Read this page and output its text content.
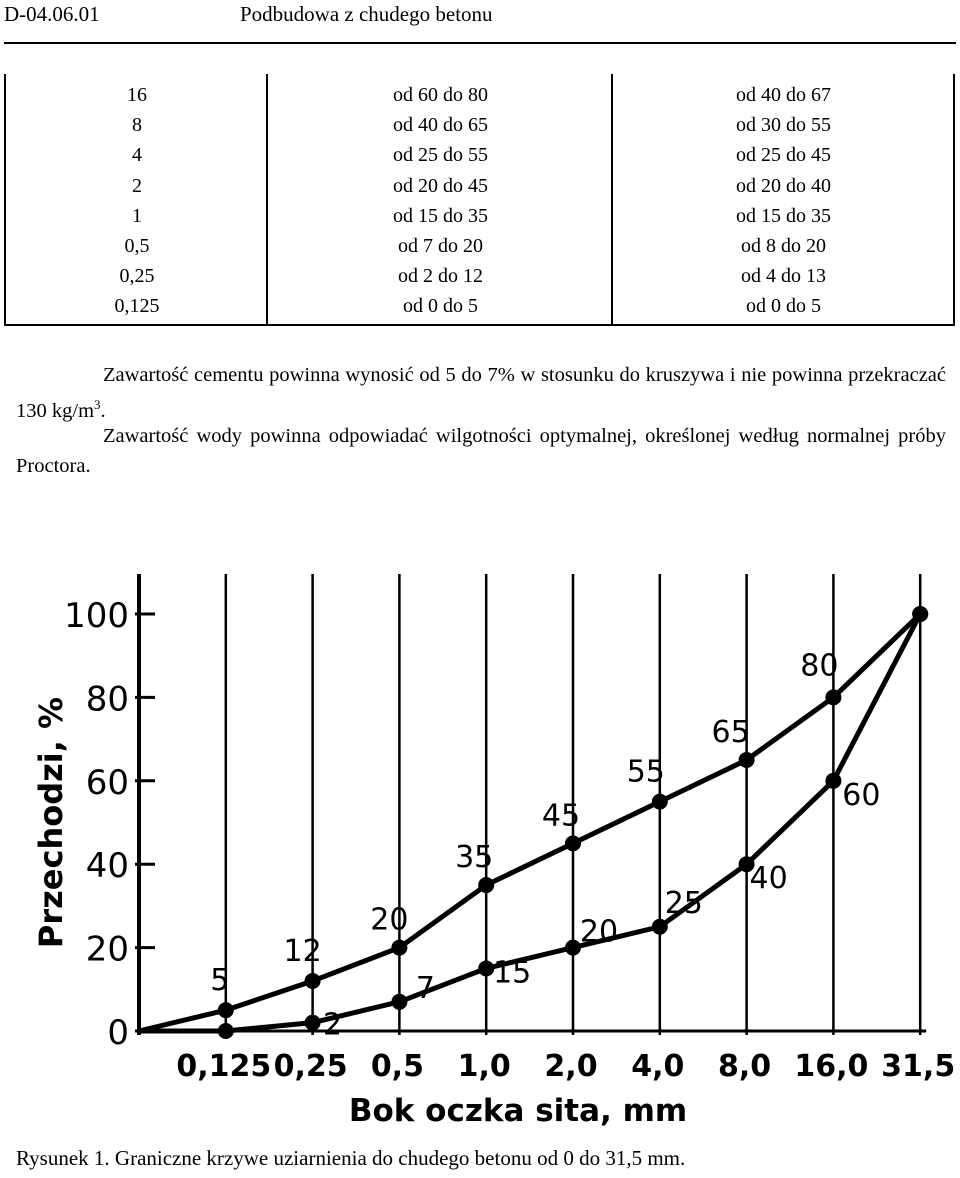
D-04.06.01	Podbudowa z chudego betonu
16
8
4
2
1
0,5
0,25
0,125
od 60 do 80
od 40 do 65
od 25 do 55
od 20 do 45
od 15 do 35
od 7 do 20
od 2 do 12
od 0 do 5
od 40 do 67
od 30 do 55
od 25 do 45
od 20 do 40
od 15 do 35
od 8 do 20
od 4 do 13
od 0 do 5
Zawartość cementu powinna wynosić od 5 do 7% w stosunku do kruszywa i nie powinna przekraczać 130 $kg/m^3$.
Zawartość wody powinna odpowiadać wilgotności optymalnej, określonej według normalnej próby Proctora.
0
20
40
60
80
100
0,125 0,25 0,5 1,0 2,0 4,0 8,0 16,0 31,5
Bok oczka sita, mm
Przechodzi, %
5
12
20
35
45
55
65
80
2
7 15
20
25
40
60
Rysunek 1. Graniczne krzywe uziarnienia do chudego betonu od 0 do 31,5 mm.
